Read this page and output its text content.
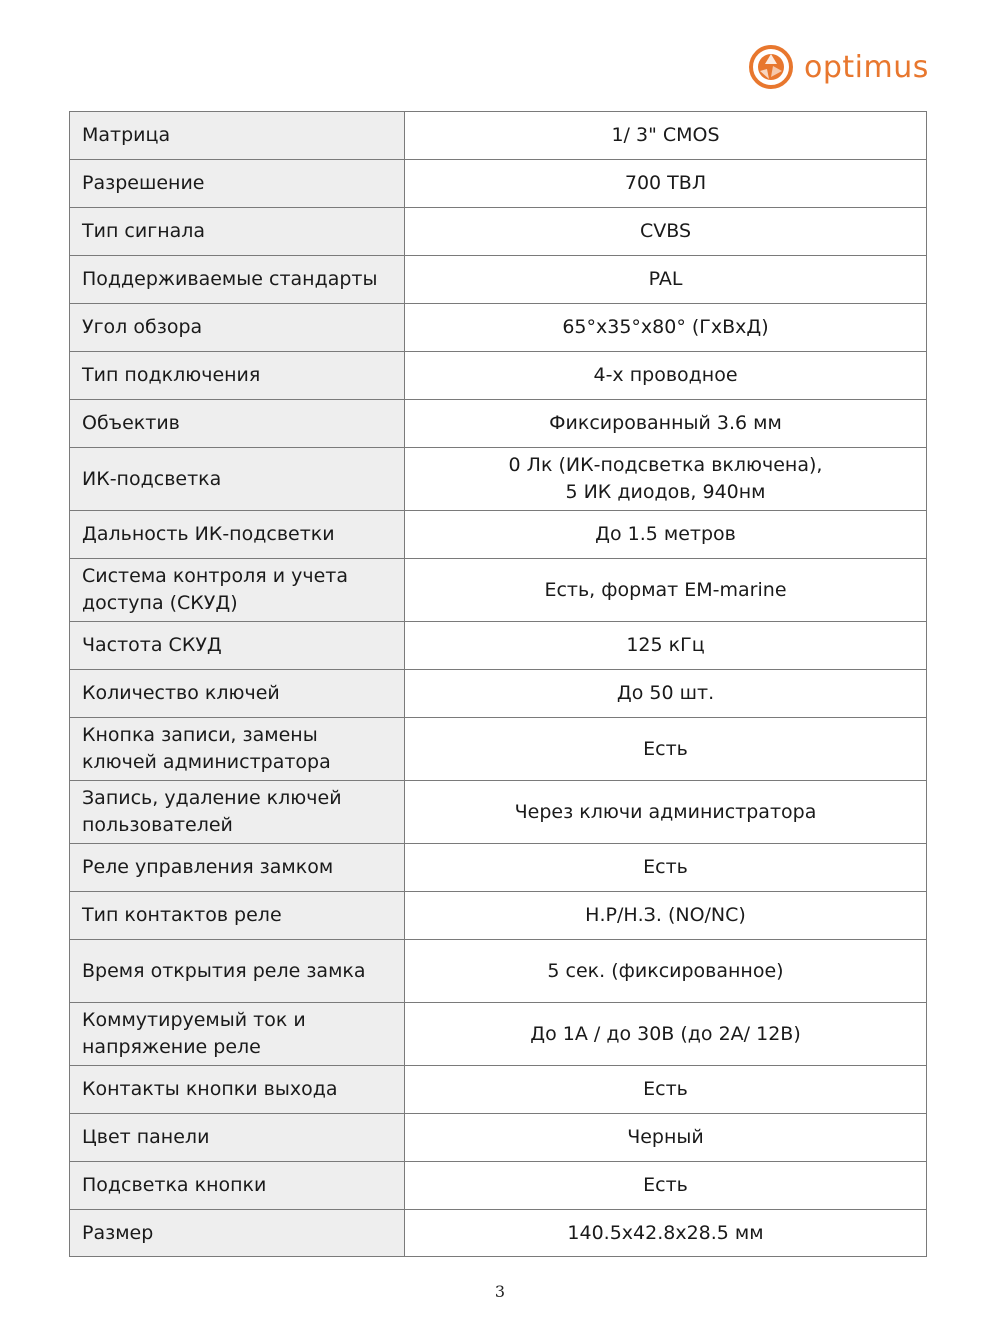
optimus
Матрица	1/ 3" CMOS

Разрешение	700 ТВЛ

Тип сигнала	CVBS

Поддерживаемые стандарты	PAL

Угол обзора	65°x35°x80° (ГхВхД)

Тип подключения	4-х проводное

Объектив	Фиксированный 3.6 мм

ИК-подсветка	0 Лк (ИК-подсветка включена),
5 ИК диодов, 940нм

Дальность ИК-подсветки	До 1.5 метров

Система контроля и учета доступа (СКУД)	Есть, формат EM-marine

Частота СКУД	125 кГц

Количество ключей	До 50 шт.

Кнопка записи, замены ключей администратора	Есть

Запись, удаление ключей пользователей	Через ключи администратора

Реле управления замком	Есть

Тип контактов реле	Н.Р/Н.З. (NO/NC)

Время открытия реле замка	5 сек. (фиксированное)

Коммутируемый ток и напряжение реле	До 1А / до 30В (до 2А/ 12В)

Контакты кнопки выхода	Есть

Цвет панели	Черный

Подсветка кнопки	Есть

Размер	140.5x42.8x28.5 мм
3
